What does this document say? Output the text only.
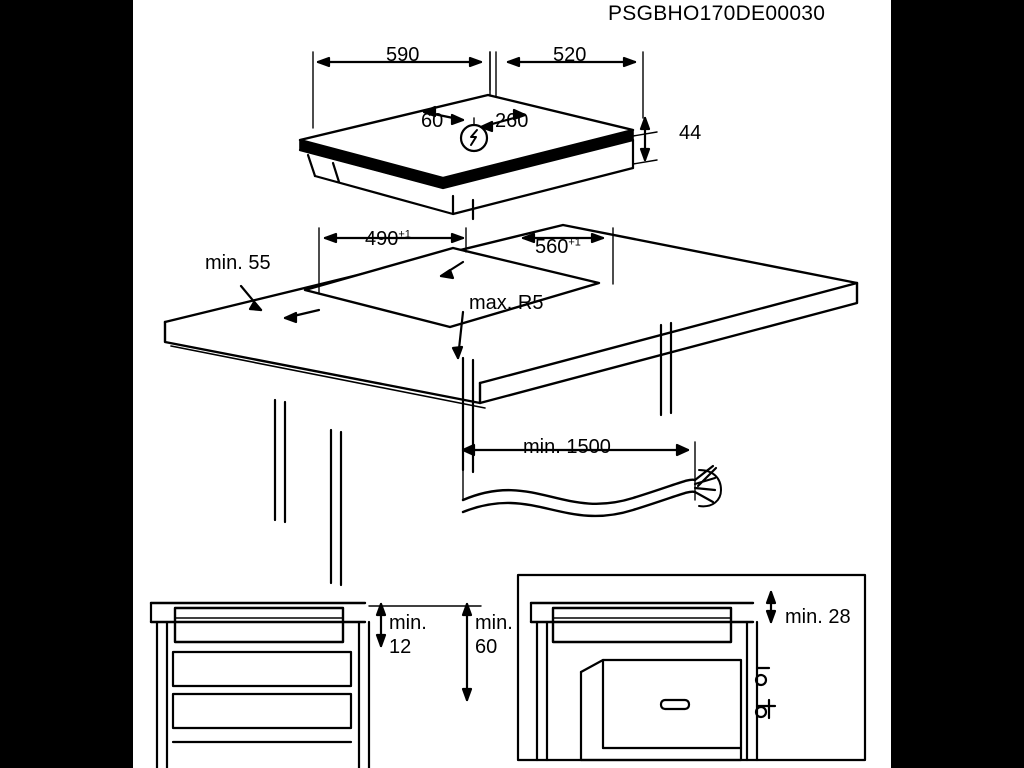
PSGBHO170DE00030
590	520
60	260
44
$490^{+1}$
$560^{+1}$
min. 55
max. R5
min. 1500
min.
12
min.
60
min. 28
